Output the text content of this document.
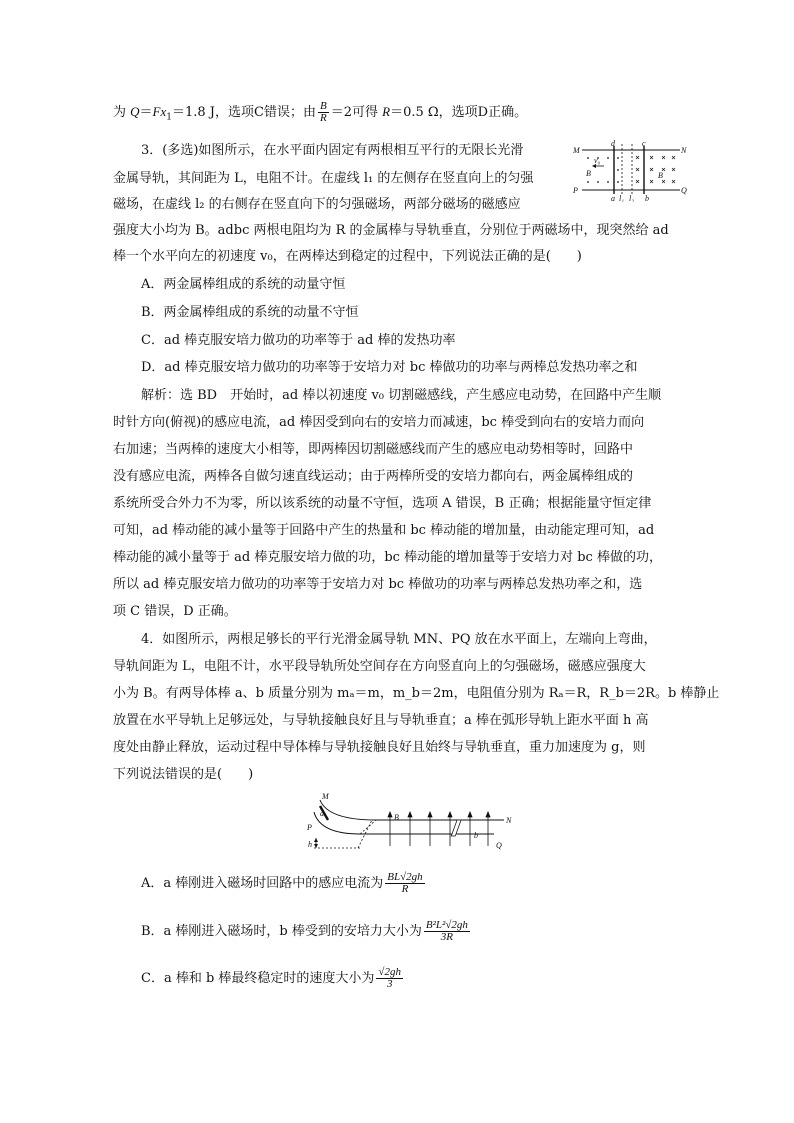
为 $Q=Fx_1=1.8$ J，选项C错误；由 $\frac{B}{R} =2$可得 R＝0.5 Ω，选项D正确。
3．(多选)如图所示，在水平面内固定有两根相互平行的无限长光滑
金属导轨，其间距为 L，电阻不计。在虚线 l₁ 的左侧存在竖直向上的匀强
磁场，在虚线 l₂ 的右侧存在竖直向下的匀强磁场，两部分磁场的磁感应
强度大小均为 B。adbc 两根电阻均为 R 的金属棒与导轨垂直，分别位于两磁场中，现突然给 ad
棒一个水平向左的初速度 v₀，在两棒达到稳定的过程中，下列说法正确的是(　　)
M	N
P	Q
d	c
a	b
v₀
B	B
l₁ l₂
A．两金属棒组成的系统的动量守恒
B．两金属棒组成的系统的动量不守恒
C．ad 棒克服安培力做功的功率等于 ad 棒的发热功率
D．ad 棒克服安培力做功的功率等于安培力对 bc 棒做功的功率与两棒总发热功率之和
解析：选 BD　开始时，ad 棒以初速度 v₀ 切割磁感线，产生感应电动势，在回路中产生顺
时针方向(俯视)的感应电流，ad 棒因受到向右的安培力而减速，bc 棒受到向右的安培力而向
右加速；当两棒的速度大小相等，即两棒因切割磁感线而产生的感应电动势相等时，回路中
没有感应电流，两棒各自做匀速直线运动；由于两棒所受的安培力都向右，两金属棒组成的
系统所受合外力不为零，所以该系统的动量不守恒，选项 A 错误，B 正确；根据能量守恒定律
可知，ad 棒动能的减小量等于回路中产生的热量和 bc 棒动能的增加量，由动能定理可知，ad
棒动能的减小量等于 ad 棒克服安培力做的功，bc 棒动能的增加量等于安培力对 bc 棒做的功，
所以 ad 棒克服安培力做功的功率等于安培力对 bc 棒做功的功率与两棒总发热功率之和，选
项 C 错误，D 正确。
4．如图所示，两根足够长的平行光滑金属导轨 MN、PQ 放在水平面上，左端向上弯曲，
导轨间距为 L，电阻不计，水平段导轨所处空间存在方向竖直向上的匀强磁场，磁感应强度大
小为 B。有两导体棒 a、b 质量分别为 mₐ＝m，m_b＝2m，电阻值分别为 Rₐ＝R，R_b＝2R。b 棒静止
放置在水平导轨上足够远处，与导轨接触良好且与导轨垂直；a 棒在弧形导轨上距水平面 h 高
度处由静止释放，运动过程中导体棒与导轨接触良好且始终与导轨垂直，重力加速度为 g，则
下列说法错误的是(　　)
M
a
P
h
B
b
N
Q
A．a 棒刚进入磁场时回路中的感应电流为 $\frac{BL√2gh}{R}$
B．a 棒刚进入磁场时，b 棒受到的安培力大小为 $\frac{\text{B²L²√2gh}}{3R}$
C．a 棒和 b 棒最终稳定时的速度大小为 $\frac{√2gh}{3}$
